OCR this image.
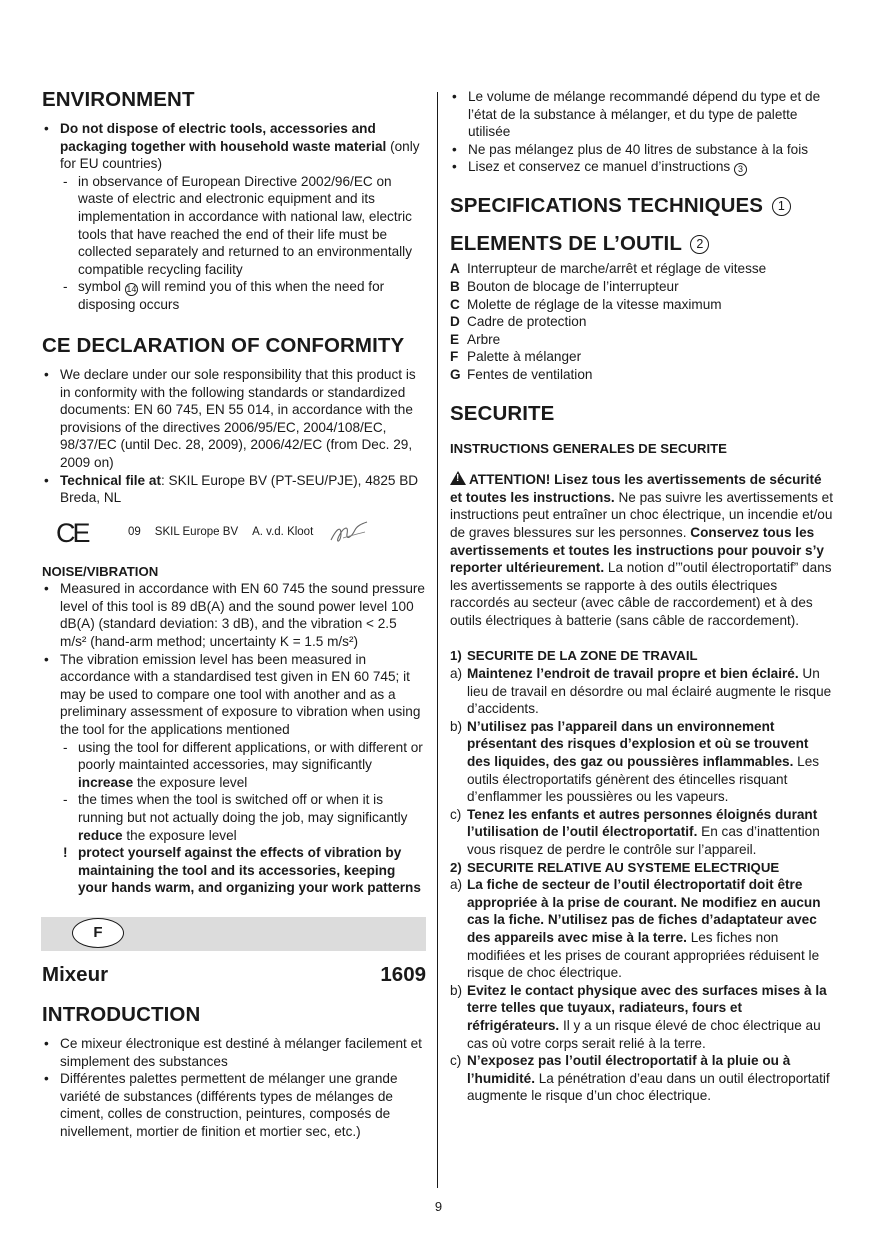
ENVIRONMENT
• Do not dispose of electric tools, accessories and packaging together with household waste material (only for EU countries)
- in observance of European Directive 2002/96/EC on waste of electric and electronic equipment and its implementation in accordance with national law, electric tools that have reached the end of their life must be collected separately and returned to an environmentally compatible recycling facility
- symbol 14 will remind you of this when the need for disposing occurs
CE DECLARATION OF CONFORMITY
• We declare under our sole responsibility that this product is in conformity with the following standards or standardized documents: EN 60 745, EN 55 014, in accordance with the provisions of the directives 2006/95/EC, 2004/108/EC, 98/37/EC (until Dec. 28, 2009), 2006/42/EC (from Dec. 29, 2009 on)
• Technical file at: SKIL Europe BV (PT-SEU/PJE), 4825 BD Breda, NL
CE	09 SKIL Europe BV A. v.d. Kloot
NOISE/VIBRATION
• Measured in accordance with EN 60 745 the sound pressure level of this tool is 89 dB(A) and the sound power level 100 dB(A) (standard deviation: 3 dB), and the vibration < 2.5 m/s² (hand-arm method; uncertainty K = 1.5 m/s²)
• The vibration emission level has been measured in accordance with a standardised test given in EN 60 745; it may be used to compare one tool with another and as a preliminary assessment of exposure to vibration when using the tool for the applications mentioned
- using the tool for different applications, or with different or poorly maintainted accessories, may significantly increase the exposure level
- the times when the tool is switched off or when it is running but not actually doing the job, may significantly reduce the exposure level
! protect yourself against the effects of vibration by maintaining the tool and its accessories, keeping your hands warm, and organizing your work patterns
F
Mixeur	1609
INTRODUCTION
• Ce mixeur électronique est destiné à mélanger facilement et simplement des substances
• Différentes palettes permettent de mélanger une grande variété de substances (différents types de mélanges de ciment, colles de construction, peintures, composés de nivellement, mortier de finition et mortier sec, etc.)
• Le volume de mélange recommandé dépend du type et de l’état de la substance à mélanger, et du type de palette utilisée
• Ne pas mélangez plus de 40 litres de substance à la fois
• Lisez et conservez ce manuel d’instructions 3
SPECIFICATIONS TECHNIQUES 1
ELEMENTS DE L’OUTIL 2
A Interrupteur de marche/arrêt et réglage de vitesse
B Bouton de blocage de l’interrupteur
C Molette de réglage de la vitesse maximum
D Cadre de protection
E Arbre
F Palette à mélanger
G Fentes de ventilation
SECURITE
INSTRUCTIONS GENERALES DE SECURITE

!ATTENTION! Lisez tous les avertissements de sécurité et toutes les instructions. Ne pas suivre les avertissements et instructions peut entraîner un choc électrique, un incendie et/ou de graves blessures sur les personnes. Conservez tous les avertissements et toutes les instructions pour pouvoir s’y reporter ultérieurement. La notion d’”outil électroportatif” dans les avertissements se rapporte à des outils électriques raccordés au secteur (avec câble de raccordement) et à des outils électriques à batterie (sans câble de raccordement).

1) SECURITE DE LA ZONE DE TRAVAIL
a) Maintenez l’endroit de travail propre et bien éclairé. Un lieu de travail en désordre ou mal éclairé augmente le risque d’accidents.
b) N’utilisez pas l’appareil dans un environnement présentant des risques d’explosion et où se trouvent des liquides, des gaz ou poussières inflammables. Les outils électroportatifs génèrent des étincelles risquant d’enflammer les poussières ou les vapeurs.
c) Tenez les enfants et autres personnes éloignés durant l’utilisation de l’outil électroportatif. En cas d’inattention vous risquez de perdre le contrôle sur l’appareil.
2) SECURITE RELATIVE AU SYSTEME ELECTRIQUE
a) La fiche de secteur de l’outil électroportatif doit être appropriée à la prise de courant. Ne modifiez en aucun cas la fiche. N’utilisez pas de fiches d’adaptateur avec des appareils avec mise à la terre. Les fiches non modifiées et les prises de courant appropriées réduisent le risque de choc électrique.
b) Evitez le contact physique avec des surfaces mises à la terre telles que tuyaux, radiateurs, fours et réfrigérateurs. Il y a un risque élevé de choc électrique au cas où votre corps serait relié à la terre.
c) N’exposez pas l’outil électroportatif à la pluie ou à l’humidité. La pénétration d’eau dans un outil électroportatif augmente le risque d’un choc électrique.
9
